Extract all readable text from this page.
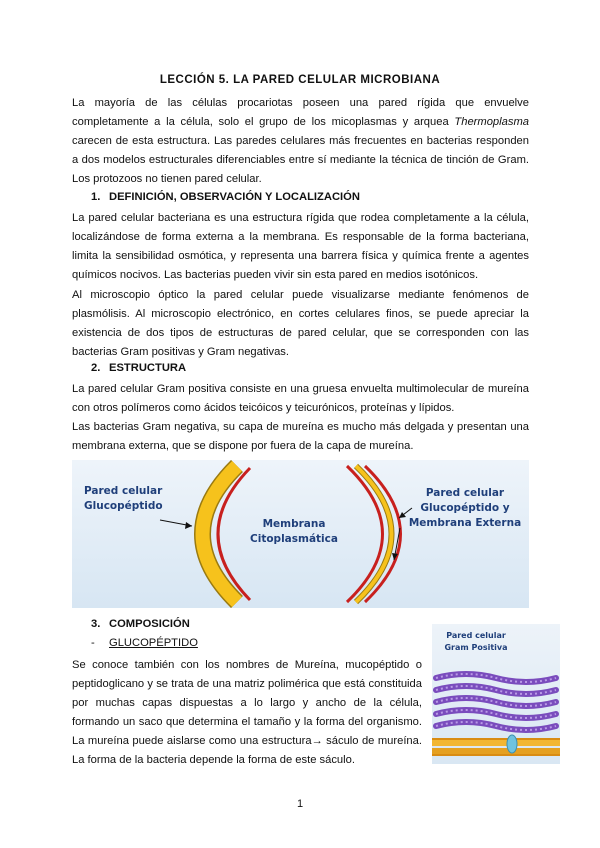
LECCIÓN 5. LA PARED CELULAR MICROBIANA
La mayoría de las células procariotas poseen una pared rígida que envuelve completamente a la célula, solo el grupo de los micoplasmas y arquea Thermoplasma carecen de esta estructura. Las paredes celulares más frecuentes en bacterias responden a dos modelos estructurales diferenciables entre sí mediante la técnica de tinción de Gram. Los protozoos no tienen pared celular.
1. DEFINICIÓN, OBSERVACIÓN Y LOCALIZACIÓN
La pared celular bacteriana es una estructura rígida que rodea completamente a la célula, localizándose de forma externa a la membrana. Es responsable de la forma bacteriana, limita la sensibilidad osmótica, y representa una barrera física y química frente a agentes químicos nocivos. Las bacterias pueden vivir sin esta pared en medios isotónicos.
Al microscopio óptico la pared celular puede visualizarse mediante fenómenos de plasmólisis. Al microscopio electrónico, en cortes celulares finos, se puede apreciar la existencia de dos tipos de estructuras de pared celular, que se corresponden con las bacterias Gram positivas y Gram negativas.
2. ESTRUCTURA
La pared celular Gram positiva consiste en una gruesa envuelta multimolecular de mureína con otros polímeros como ácidos teicóicos y teicurónicos, proteínas y lípidos.
Las bacterias Gram negativa, su capa de mureína es mucho más delgada y presentan una membrana externa, que se dispone por fuera de la capa de mureína.
Pared celular
Glucopéptido
Membrana
Citoplasmática
Pared celular
Glucopéptido y
Membrana Externa
3. COMPOSICIÓN
- GLUCOPÉPTIDO
Se conoce también con los nombres de Mureína, mucopéptido o peptidoglicano y se trata de una matriz polimérica que está constituida por muchas capas dispuestas a lo largo y ancho de la célula, formando un saco que determina el tamaño y la forma del organismo. La mureína puede aislarse como una estructura→ sáculo de mureína. La forma de la bacteria depende la forma de este sáculo.
Pared celular
Gram Positiva
1
